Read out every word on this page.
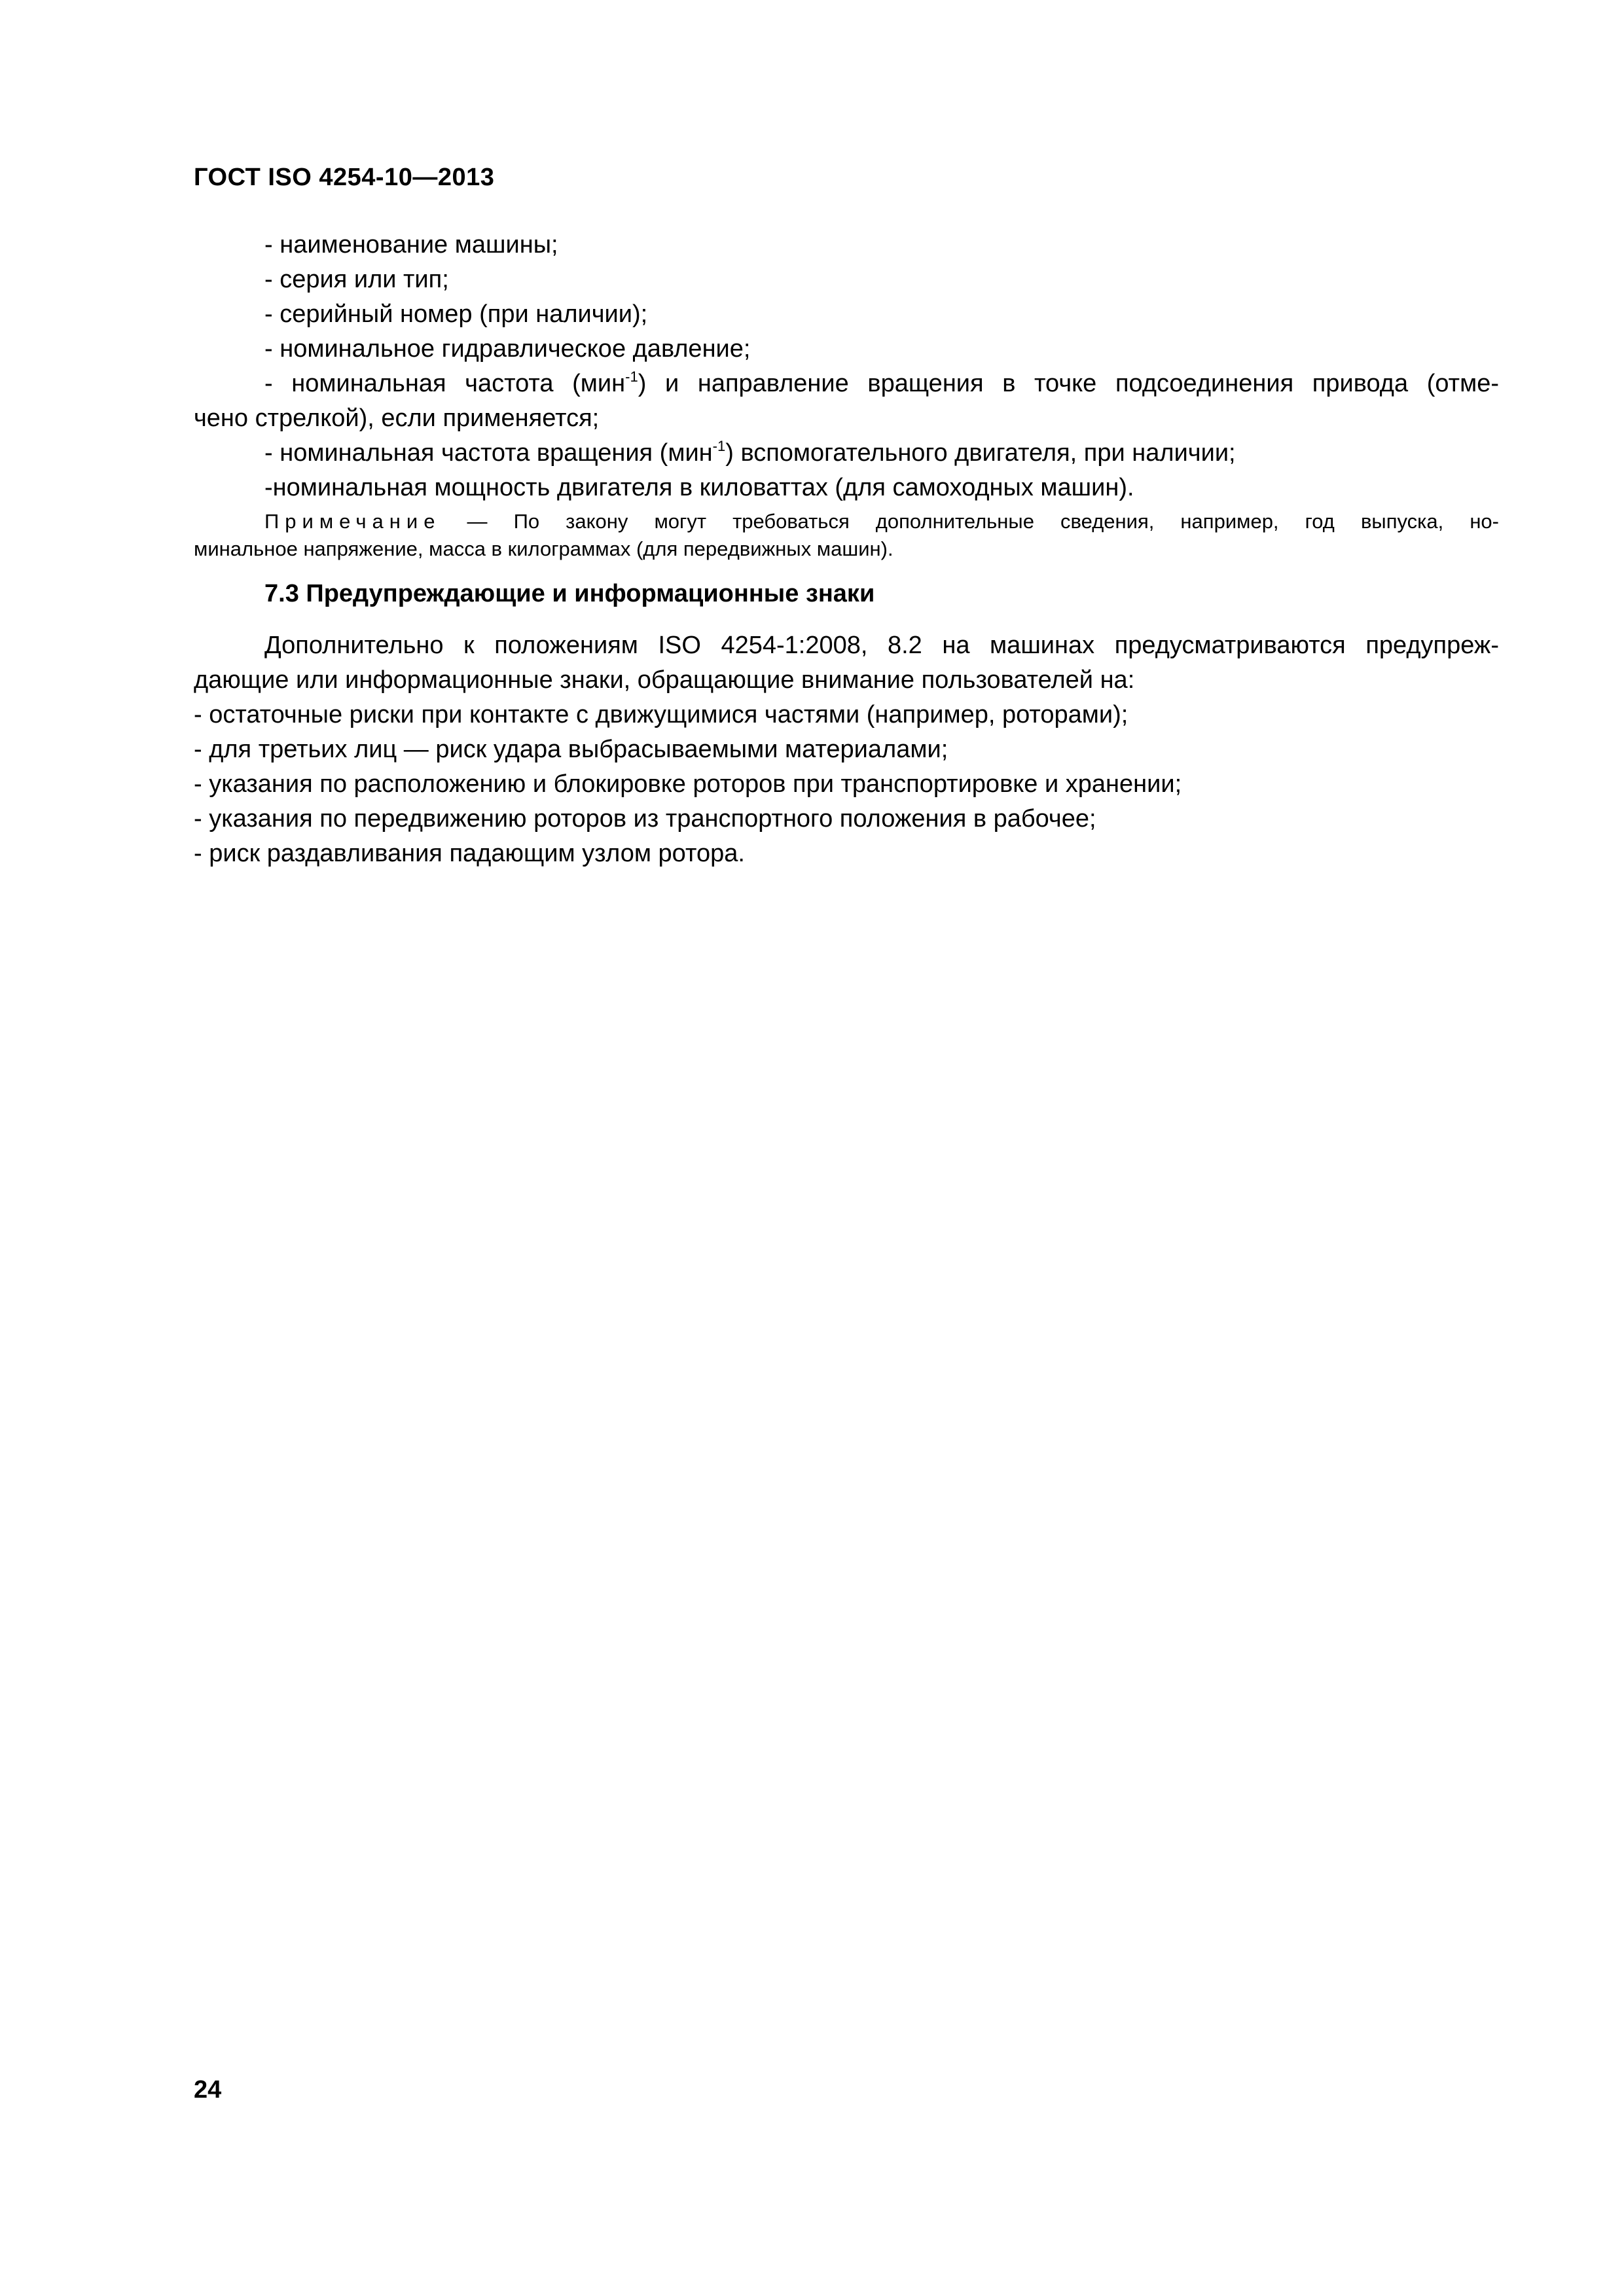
ГОСТ ISO 4254-10—2013
- наименование машины;
- серия или тип;
- серийный номер (при наличии);
- номинальное гидравлическое давление;
- номинальная частота (мин$^{-1}$) и направление вращения в точке подсоединения привода (отме-
чено стрелкой), если применяется;
- номинальная частота вращения (мин$^{-1}$) вспомогательного двигателя, при наличии;
-номинальная мощность двигателя в киловаттах (для самоходных машин).
Примечание — По закону могут требоваться дополнительные сведения, например, год выпуска, но-
минальное напряжение, масса в килограммах (для передвижных машин).
7.3 Предупреждающие и информационные знаки
Дополнительно к положениям ISO 4254-1:2008, 8.2 на машинах предусматриваются предупреж-
дающие или информационные знаки, обращающие внимание пользователей на:
- остаточные риски при контакте с движущимися частями (например, роторами);
- для третьих лиц — риск удара выбрасываемыми материалами;
- указания по расположению и блокировке роторов при транспортировке и хранении;
- указания по передвижению роторов из транспортного положения в рабочее;
- риск раздавливания падающим узлом ротора.
24
